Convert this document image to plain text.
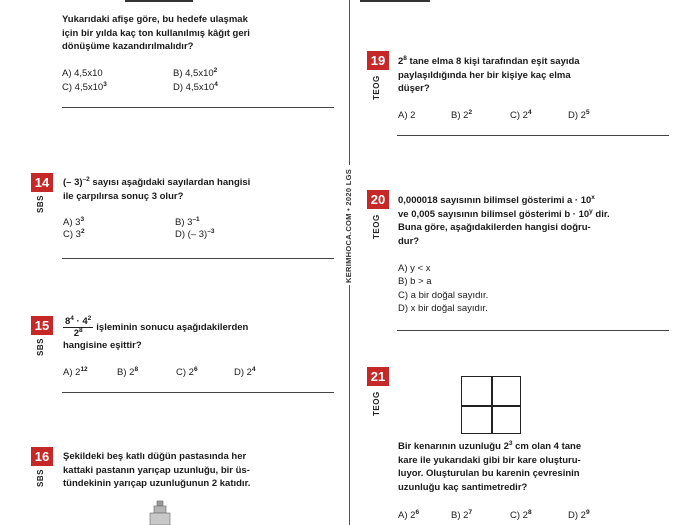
KERIMHOCA.COM • 2020 LGS
Yukarıdaki afişe göre, bu hedefe ulaşmak
için bir yılda kaç ton kullanılmış kâğıt geri
dönüşüme kazandırılmalıdır?
A) 4,5x10	B) $4,5x10^2$
C) $4,5x10^3$	D) $4,5x10^4$
14
SBS
(– 3)$^{-2}$ sayısı aşağıdaki sayılardan hangisi
ile çarpılırsa sonuç 3 olur?
A) $3^3$	B) $3^{-1}$
C) $3^2$	D) (– 3)$^{-3}$
15
SBS
$\frac{8^4 \cdot 4^2}{2^8}$ işleminin sonucu aşağıdakilerden
hangisine eşittir?
A) $2^{12}$	B) $2^8$	C) $2^6$	D) $2^4$
16
SBS
Şekildeki beş katlı düğün pastasında her
kattaki pastanın yarıçap uzunluğu, bir üs-
tündekinin yarıçap uzunluğunun 2 katıdır.
19
TEOG
$2^8$ tane elma 8 kişi tarafından eşit sayıda
paylaşıldığında her bir kişiye kaç elma
düşer?
A) 2	B) $2^2$	C) $2^4$	D) $2^5$
20
TEOG
0,000018 sayısının bilimsel gösterimi $a \cdot 10^x$
ve 0,005 sayısının bilimsel gösterimi $b \cdot 10^y$ dir.
Buna göre, aşağıdakilerden hangisi doğru-
dur?
A) y < x
B) b > a
C) a bir doğal sayıdır.
D) x bir doğal sayıdır.
21
TEOG
Bir kenarının uzunluğu $2^3$ cm olan 4 tane
kare ile yukarıdaki gibi bir kare oluşturu-
luyor. Oluşturulan bu karenin çevresinin
uzunluğu kaç santimetredir?
A) $2^6$	B) $2^7$	C) $2^8$	D) $2^9$
